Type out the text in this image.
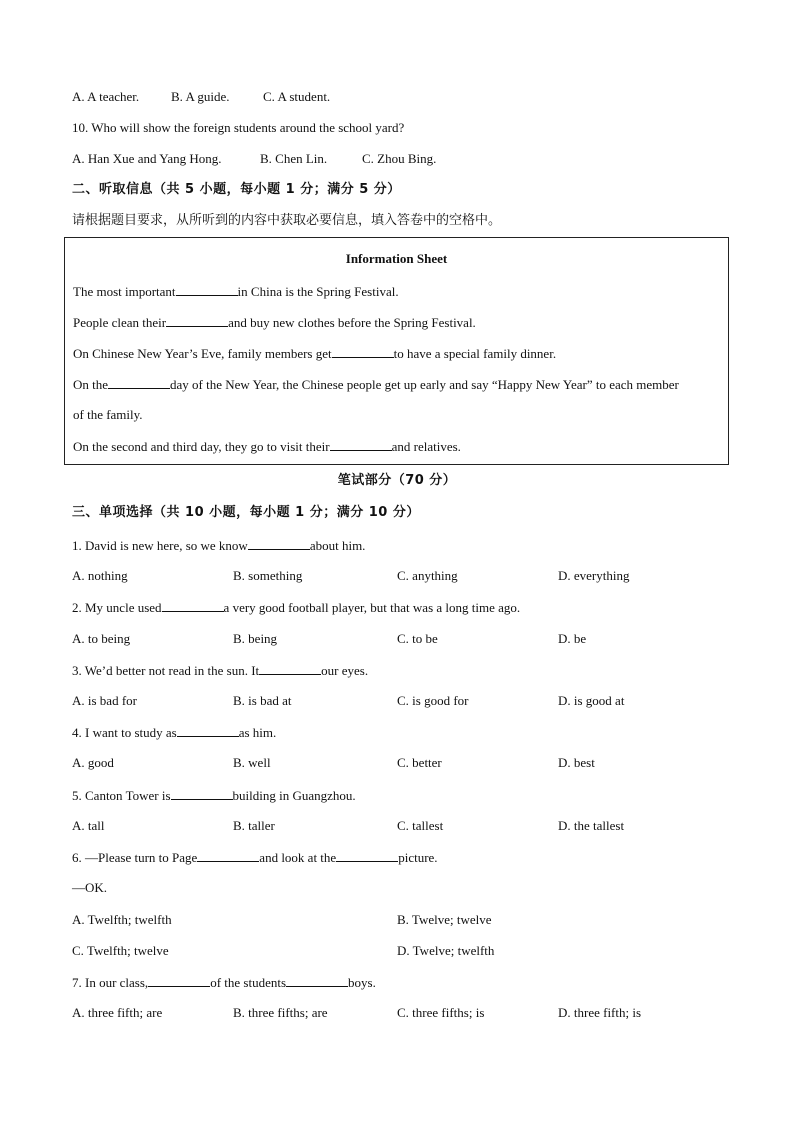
A. A teacher. B. A guide.	C. A student.
10. Who will show the foreign students around the school yard?
A. Han Xue and Yang Hong.	B. Chen Lin.	C. Zhou Bing.
二、听取信息（共 5 小题，每小题 1 分；满分 5 分）
请根据题目要求，从所听到的内容中获取必要信息，填入答卷中的空格中。
Information Sheet
The most important	in China is the Spring Festival.
People clean their	and buy new clothes before the Spring Festival.
On Chinese New Year’s Eve, family members get	to have a special family dinner.
On the	day of the New Year, the Chinese people get up early and say “Happy New Year” to each member
of the family.
On the second and third day, they go to visit their	and relatives.
笔试部分（70 分）
三、单项选择（共 10 小题，每小题 1 分；满分 10 分）
1. David is new here, so we know	about him.
A. nothing	B. something	C. anything	D. everything
2. My uncle used	a very good football player, but that was a long time ago.
A. to being	B. being	C. to be	D. be
3. We’d better not read in the sun. It	our eyes.
A. is bad for	B. is bad at	C. is good for	D. is good at
4. I want to study as	as him.
A. good	B. well	C. better	D. best
5. Canton Tower is	building in Guangzhou.
A. tall	B. taller	C. tallest	D. the tallest
6. —Please turn to Page	and look at the	picture.
—OK.
A. Twelfth; twelfth	B. Twelve; twelve
C. Twelfth; twelve	D. Twelve; twelfth
7. In our class,	of the students	boys.
A. three fifth; are	B. three fifths; are	C. three fifths; is	D. three fifth; is
